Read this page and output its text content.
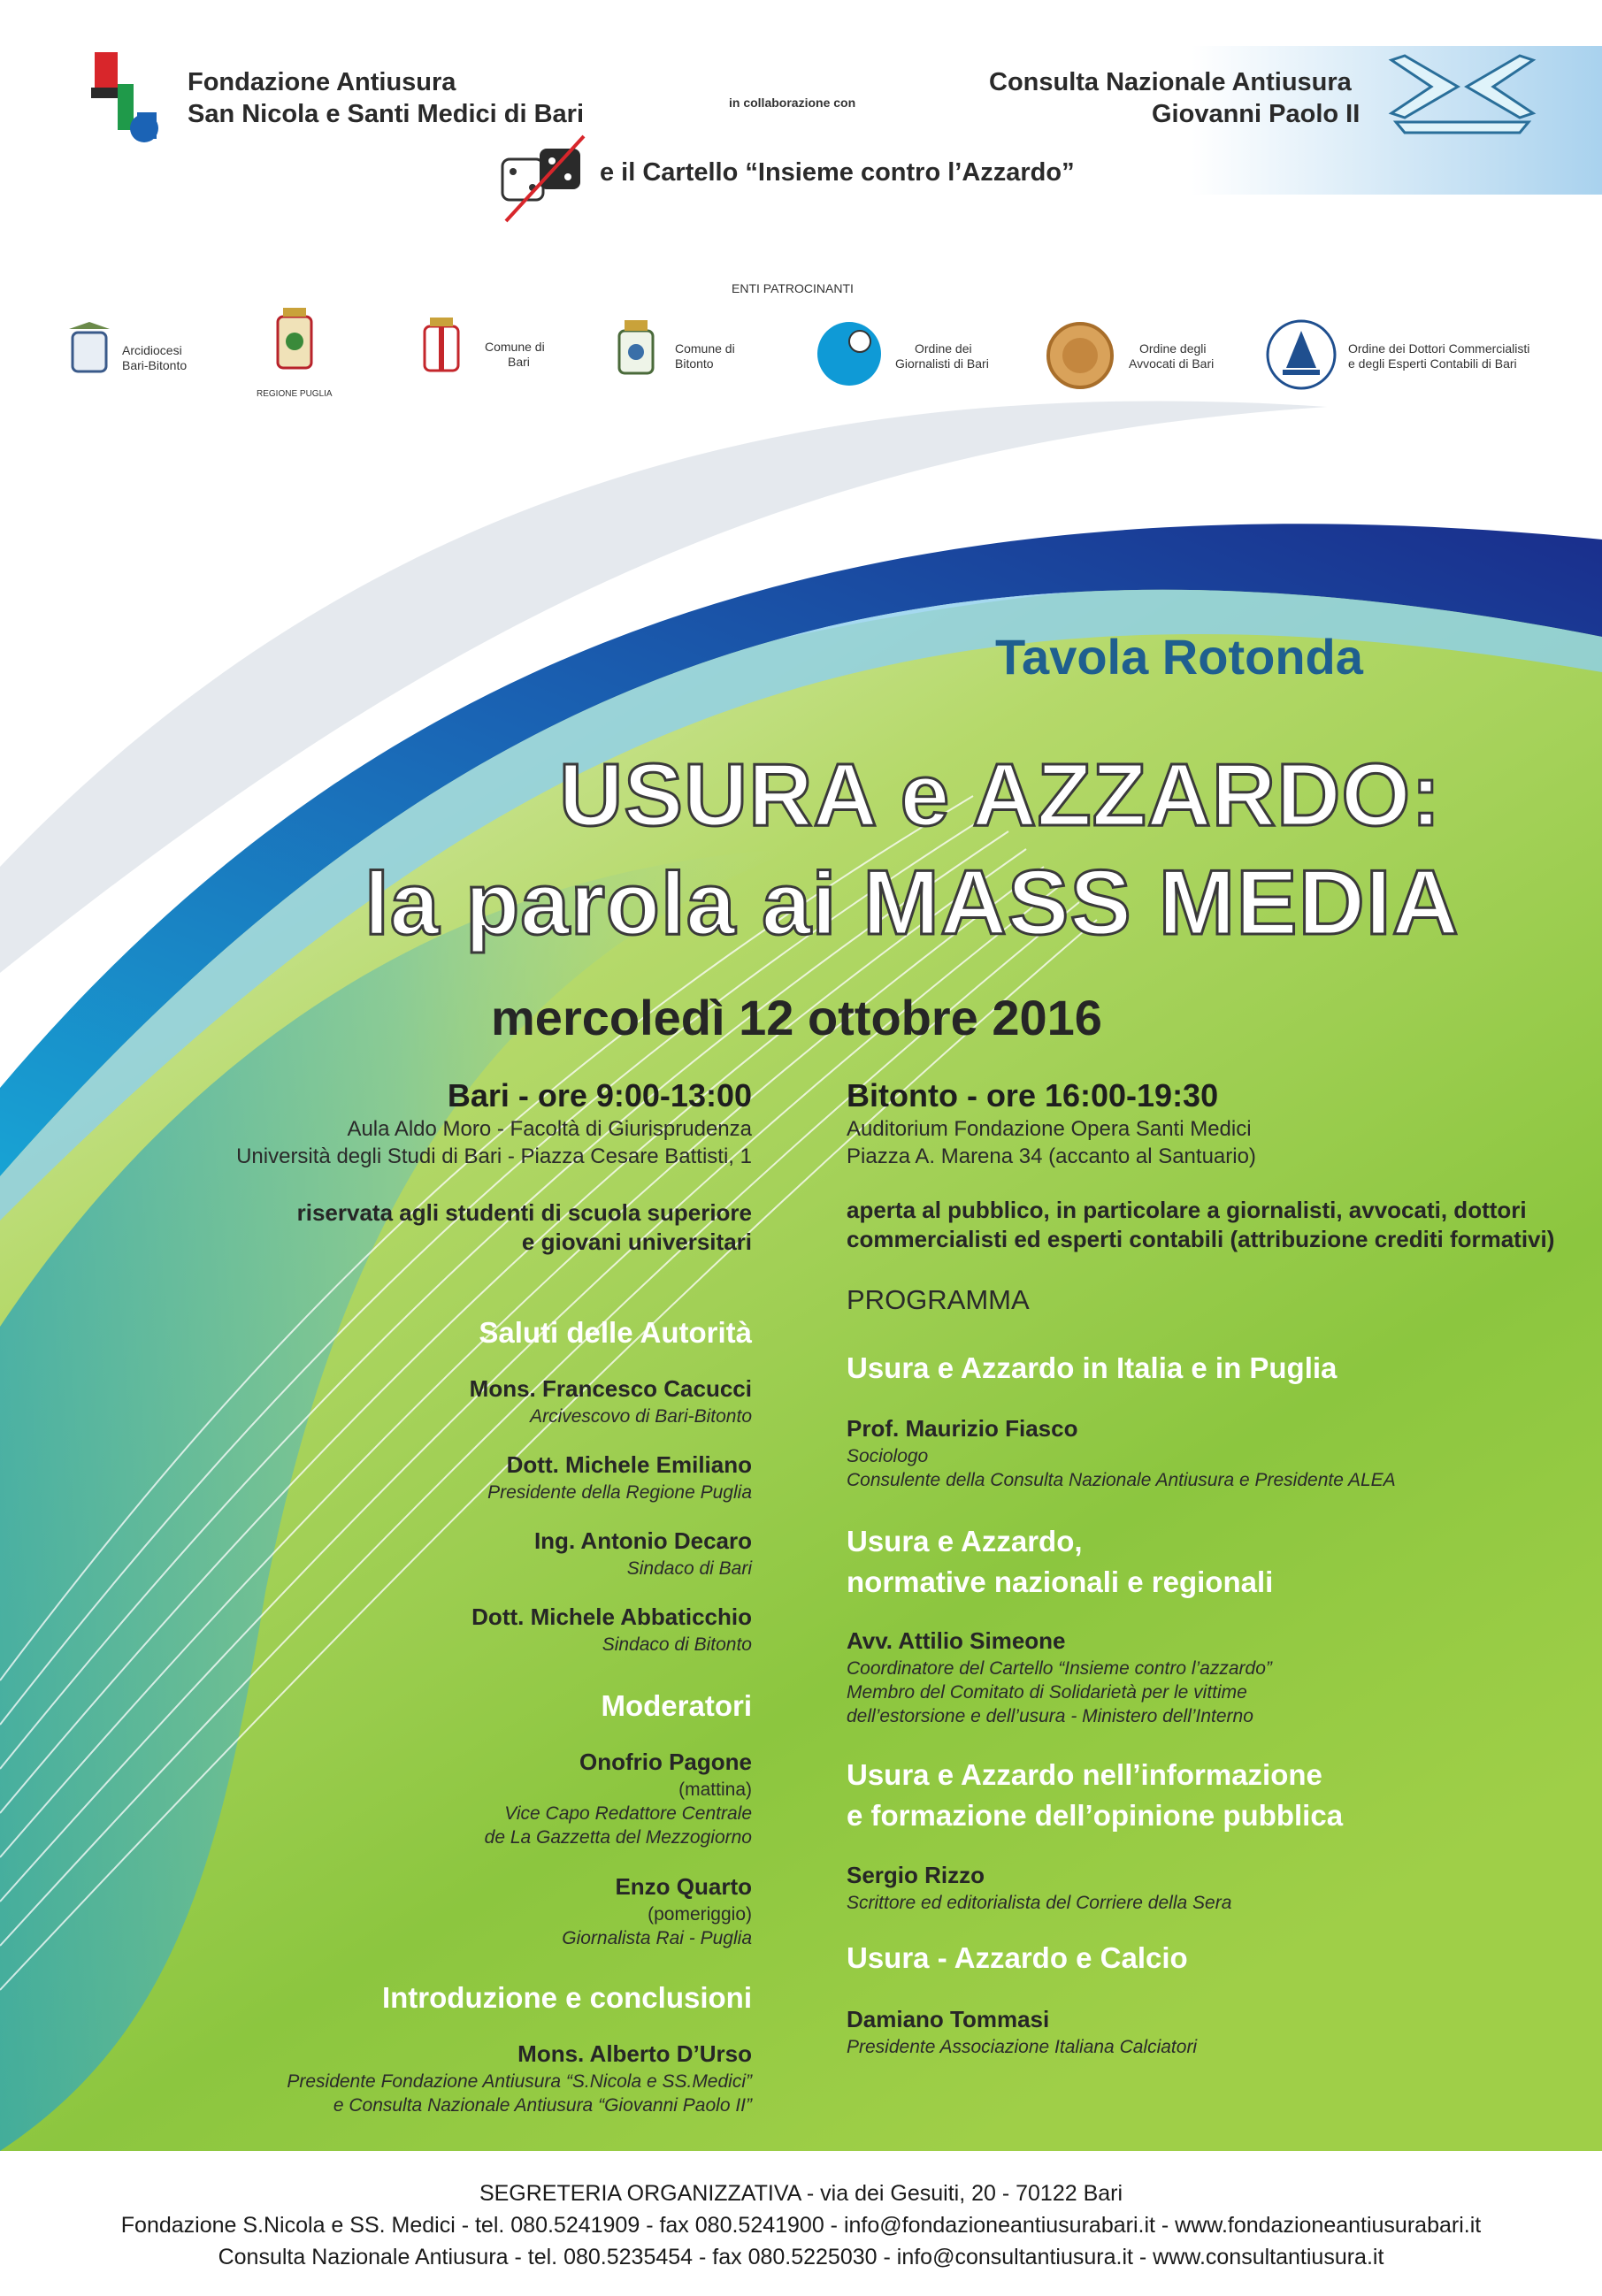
Fondazione Antiusura
San Nicola e Santi Medici di Bari	in collaborazione con
Consulta Nazionale Antiusura
Giovanni Paolo II
e il Cartello “Insieme contro l’Azzardo”
ENTI PATROCINANTI
Arcidiocesi
Bari-Bitonto
REGIONE PUGLIA
Comune di
Bari
Comune di
Bitonto
Ordine dei
Giornalisti di Bari
Ordine degli
Avvocati di Bari
Ordine dei Dottori Commercialisti
e degli Esperti Contabili di Bari
Tavola Rotonda
USURA e AZZARDO:
la parola ai MASS MEDIA
mercoledì 12 ottobre 2016
Bari - ore 9:00-13:00
Aula Aldo Moro - Facoltà di Giurisprudenza
Università degli Studi di Bari - Piazza Cesare Battisti, 1
riservata agli studenti di scuola superiore
e giovani universitari
Bitonto - ore 16:00-19:30
Auditorium Fondazione Opera Santi Medici
Piazza A. Marena 34 (accanto al Santuario)
aperta al pubblico, in particolare a giornalisti, avvocati, dottori
commercialisti ed esperti contabili (attribuzione crediti formativi)
Saluti delle Autorità
Mons. Francesco Cacucci
Arcivescovo di Bari-Bitonto
Dott. Michele Emiliano
Presidente della Regione Puglia
Ing. Antonio Decaro
Sindaco di Bari
Dott. Michele Abbaticchio
Sindaco di Bitonto
Moderatori
Onofrio Pagone
(mattina)
Vice Capo Redattore Centrale
de La Gazzetta del Mezzogiorno
Enzo Quarto
(pomeriggio)
Giornalista Rai - Puglia
Introduzione e conclusioni
Mons. Alberto D’Urso
Presidente Fondazione Antiusura “S.Nicola e SS.Medici”
e Consulta Nazionale Antiusura “Giovanni Paolo II”
PROGRAMMA
Usura e Azzardo in Italia e in Puglia
Prof. Maurizio Fiasco
Sociologo
Consulente della Consulta Nazionale Antiusura e Presidente ALEA
Usura e Azzardo,
normative nazionali e regionali
Avv. Attilio Simeone
Coordinatore del Cartello “Insieme contro l’azzardo”
Membro del Comitato di Solidarietà per le vittime
dell’estorsione e dell’usura - Ministero dell’Interno
Usura e Azzardo nell’informazione
e formazione dell’opinione pubblica
Sergio Rizzo
Scrittore ed editorialista del Corriere della Sera
Usura - Azzardo e Calcio
Damiano Tommasi
Presidente Associazione Italiana Calciatori
SEGRETERIA ORGANIZZATIVA - via dei Gesuiti, 20 - 70122 Bari
Fondazione S.Nicola e SS. Medici - tel. 080.5241909 - fax 080.5241900 - info@fondazioneantiusurabari.it - www.fondazioneantiusurabari.it
Consulta Nazionale Antiusura - tel. 080.5235454 - fax 080.5225030 - info@consultantiusura.it - www.consultantiusura.it
